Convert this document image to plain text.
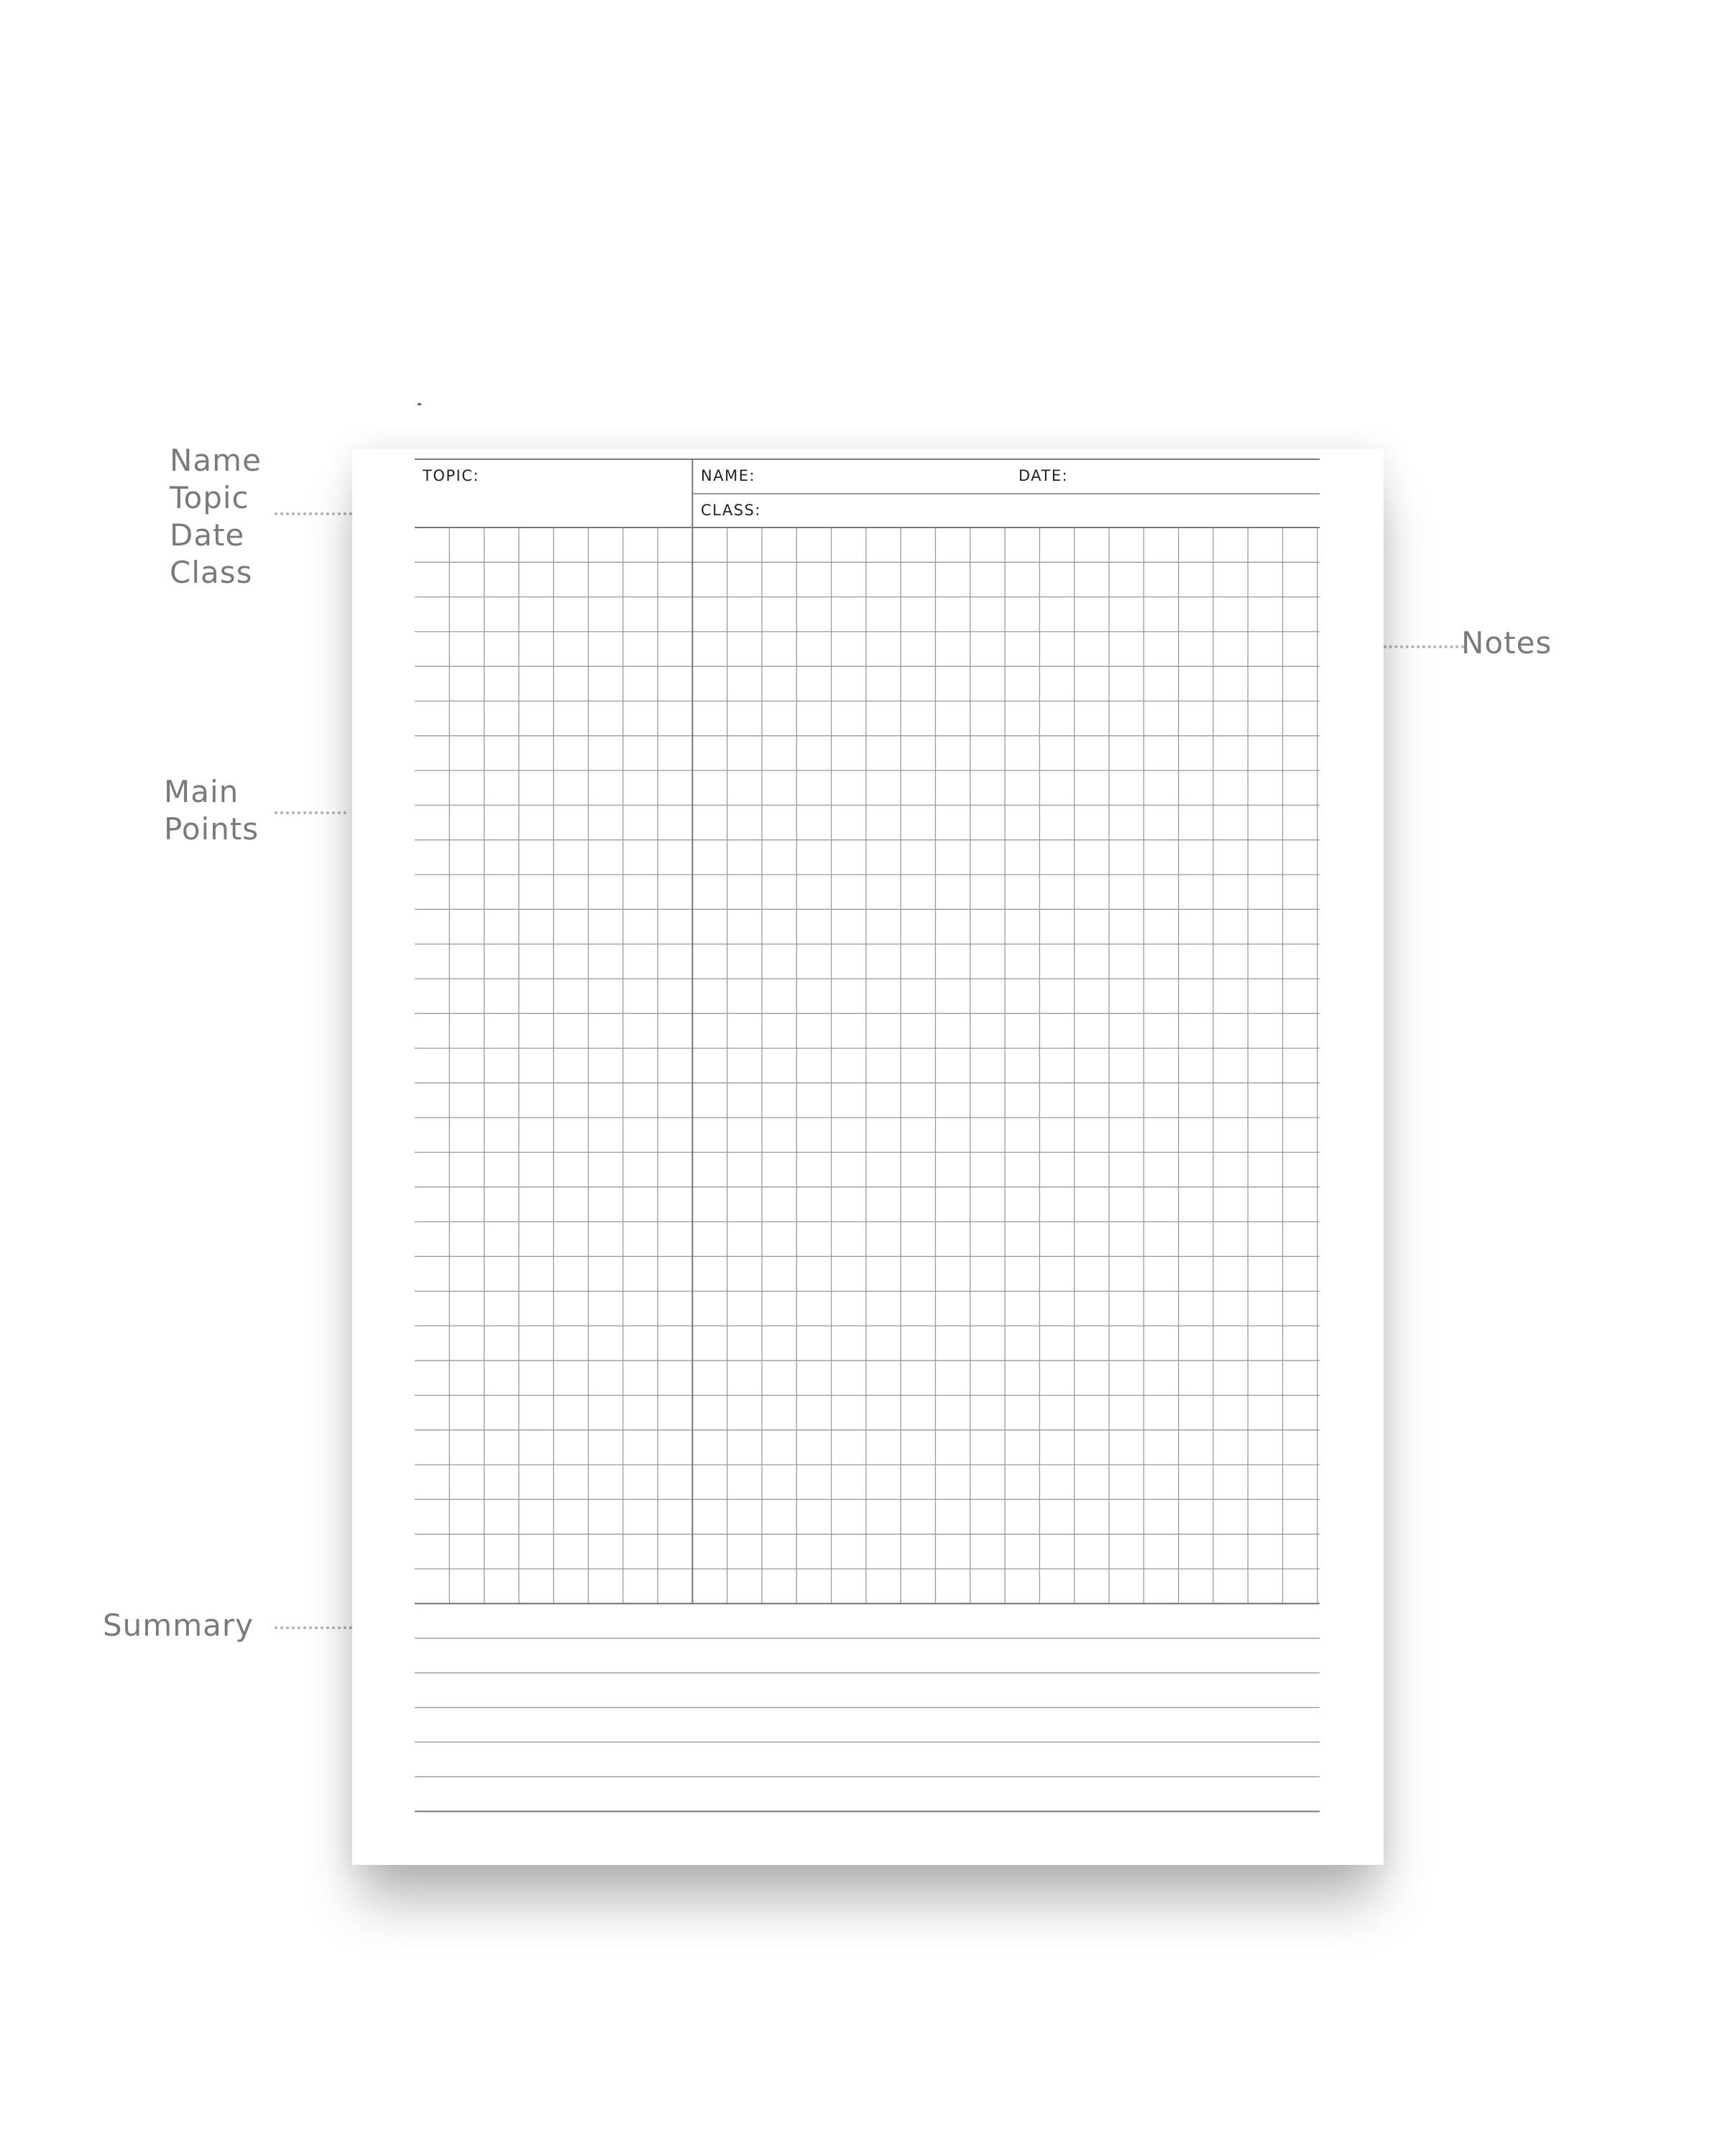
Name
Topic
Date
Class
Main
Points
Notes
Summary
TOPIC:	NAME:	DATE:
CLASS:
